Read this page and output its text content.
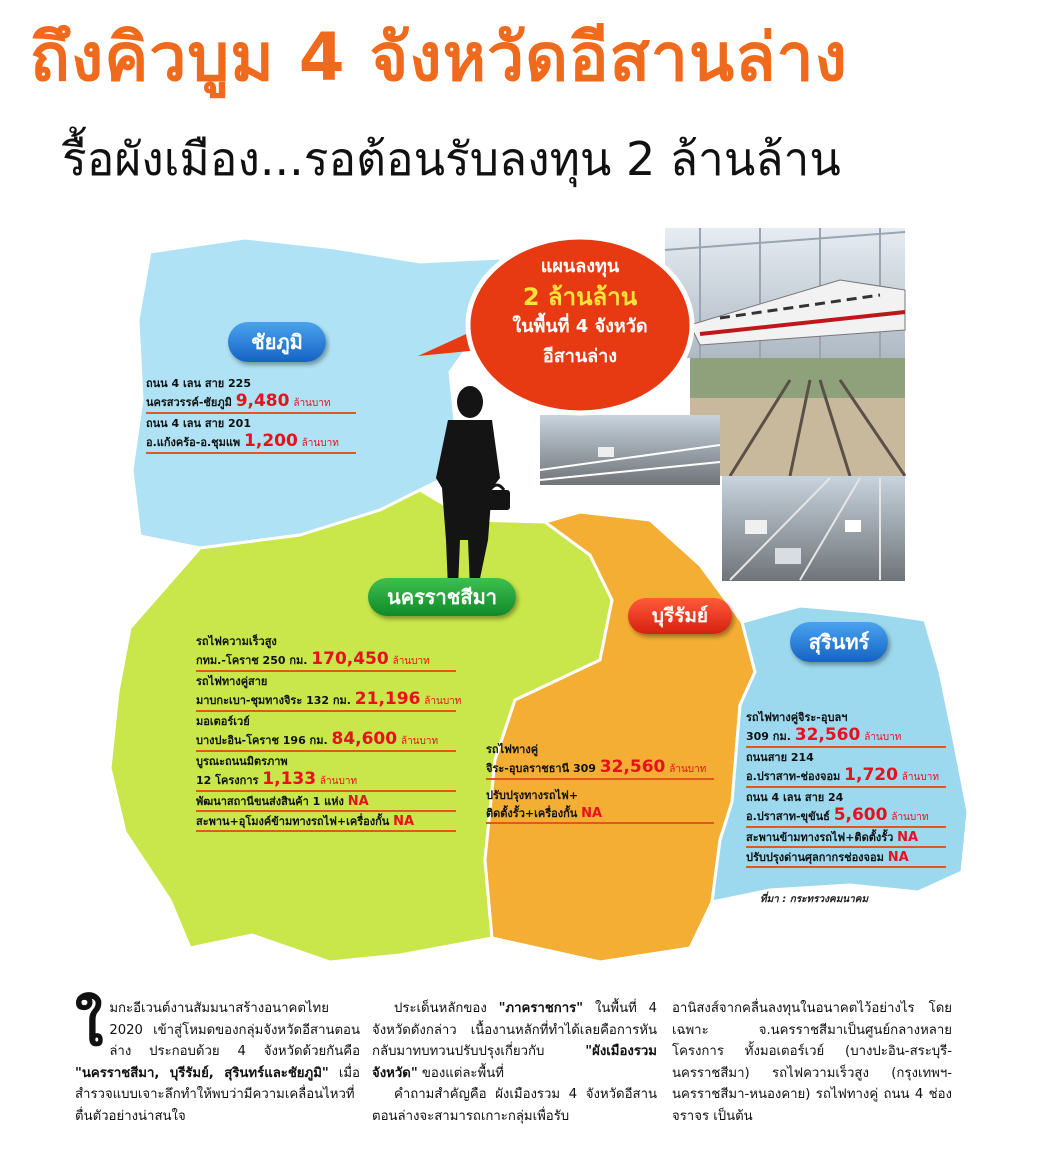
ถึงคิวบูม 4 จังหวัดอีสานล่าง
รื้อผังเมือง...รอต้อนรับลงทุน 2 ล้านล้าน
แผนลงทุน
2 ล้านล้าน
ในพื้นที่ 4 จังหวัด
อีสานล่าง
ชัยภูมิ
นครราชสีมา
บุรีรัมย์
สุรินทร์
ถนน 4 เลน สาย 225
นครสวรรค์-ชัยภูมิ 9,480 ล้านบาท
ถนน 4 เลน สาย 201
อ.แก้งคร้อ-อ.ชุมแพ 1,200 ล้านบาท
รถไฟความเร็วสูง
กทม.-โคราช 250 กม. 170,450 ล้านบาท
รถไฟทางคู่สาย
มาบกะเบา-ชุมทางจิระ 132 กม. 21,196 ล้านบาท
มอเตอร์เวย์
บางปะอิน-โคราช 196 กม. 84,600 ล้านบาท
บูรณะถนนมิตรภาพ
12 โครงการ 1,133 ล้านบาท
พัฒนาสถานีขนส่งสินค้า 1 แห่ง NA
สะพาน+อุโมงค์ข้ามทางรถไฟ+เครื่องกั้น NA
รถไฟทางคู่
จิระ-อุบลราชธานี 309 32,560 ล้านบาท
ปรับปรุงทางรถไฟ+
ติดตั้งรั้ว+เครื่องกั้น NA
รถไฟทางคู่จิระ-อุบลฯ
309 กม. 32,560 ล้านบาท
ถนนสาย 214
อ.ปราสาท-ช่องจอม 1,720 ล้านบาท
ถนน 4 เลน สาย 24
อ.ปราสาท-ขุขันธ์ 5,600 ล้านบาท
สะพานข้ามทางรถไฟ+ติดตั้งรั้ว NA
ปรับปรุงด่านศุลกากรช่องจอม NA
ที่มา : กระทรวงคมนาคม

ใมกะอีเวนต์งานสัมมนาสร้างอนาคตไทย 2020 เข้าสู่โหมดของกลุ่มจังหวัดอีสานตอนล่าง ประกอบด้วย 4 จังหวัดด้วยกันคือ "นครราชสีมา, บุรีรัมย์, สุรินทร์และชัยภูมิ" เมื่อสำรวจแบบเจาะลึกทำให้พบว่ามีความเคลื่อนไหวที่ตื่นตัวอย่างน่าสนใจ

ประเด็นหลักของ "ภาคราชการ" ในพื้นที่ 4 จังหวัดดังกล่าว เนื้องานหลักที่ทำได้เลยคือการหันกลับมาทบทวนปรับปรุงเกี่ยวกับ "ผังเมืองรวมจังหวัด" ของแต่ละพื้นที่

คำถามสำคัญคือ ผังเมืองรวม 4 จังหวัดอีสานตอนล่างจะสามารถเกาะกลุ่มเพื่อรับ

อานิสงส์จากคลื่นลงทุนในอนาคตไว้อย่างไร โดยเฉพาะ จ.นครราชสีมาเป็นศูนย์กลางหลายโครงการ ทั้งมอเตอร์เวย์ (บางปะอิน-สระบุรี-นครราชสีมา) รถไฟความเร็วสูง (กรุงเทพฯ-นครราชสีมา-หนองคาย) รถไฟทางคู่ ถนน 4 ช่องจราจร เป็นต้น
